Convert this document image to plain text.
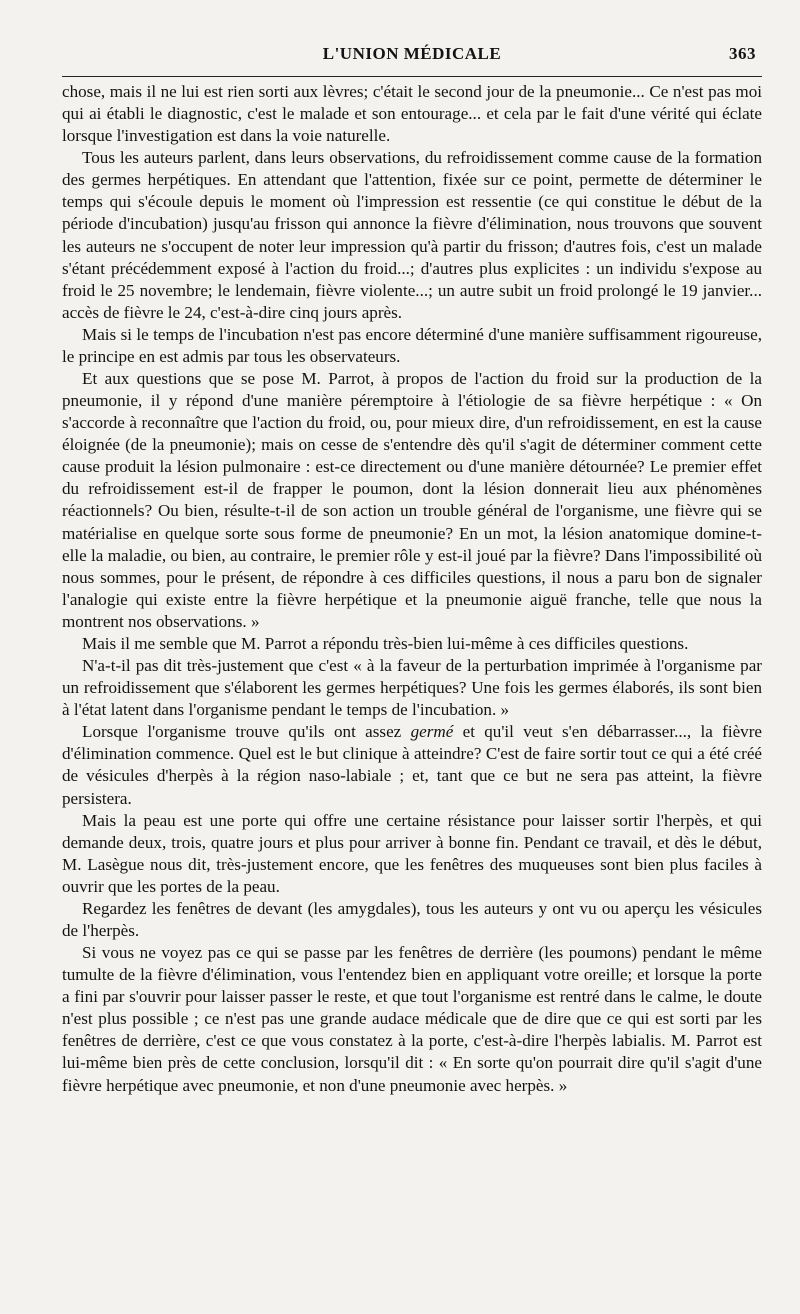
L'UNION MÉDICALE	363

chose, mais il ne lui est rien sorti aux lèvres; c'était le second jour de la pneumonie... Ce n'est pas moi qui ai établi le diagnostic, c'est le malade et son entourage... et cela par le fait d'une vérité qui éclate lorsque l'investigation est dans la voie naturelle.

Tous les auteurs parlent, dans leurs observations, du refroidissement comme cause de la formation des germes herpétiques. En attendant que l'attention, fixée sur ce point, permette de déterminer le temps qui s'écoule depuis le moment où l'impression est ressentie (ce qui constitue le début de la période d'incubation) jusqu'au frisson qui annonce la fièvre d'élimination, nous trouvons que souvent les auteurs ne s'occupent de noter leur impression qu'à partir du frisson; d'autres fois, c'est un malade s'étant précédemment exposé à l'action du froid...; d'autres plus explicites : un individu s'expose au froid le 25 novembre; le lendemain, fièvre violente...; un autre subit un froid prolongé le 19 janvier... accès de fièvre le 24, c'est-à-dire cinq jours après.

Mais si le temps de l'incubation n'est pas encore déterminé d'une manière suffisamment rigoureuse, le principe en est admis par tous les observateurs.

Et aux questions que se pose M. Parrot, à propos de l'action du froid sur la production de la pneumonie, il y répond d'une manière péremptoire à l'étiologie de sa fièvre herpétique : « On s'accorde à reconnaître que l'action du froid, ou, pour mieux dire, d'un refroidissement, en est la cause éloignée (de la pneumonie); mais on cesse de s'entendre dès qu'il s'agit de déterminer comment cette cause produit la lésion pulmonaire : est-ce directement ou d'une manière détournée? Le premier effet du refroidissement est-il de frapper le poumon, dont la lésion donnerait lieu aux phénomènes réactionnels? Ou bien, résulte-t-il de son action un trouble général de l'organisme, une fièvre qui se matérialise en quelque sorte sous forme de pneumonie? En un mot, la lésion anatomique domine-t-elle la maladie, ou bien, au contraire, le premier rôle y est-il joué par la fièvre? Dans l'impossibilité où nous sommes, pour le présent, de répondre à ces difficiles questions, il nous a paru bon de signaler l'analogie qui existe entre la fièvre herpétique et la pneumonie aiguë franche, telle que nous la montrent nos observations. »

Mais il me semble que M. Parrot a répondu très-bien lui-même à ces difficiles questions.

N'a-t-il pas dit très-justement que c'est « à la faveur de la perturbation imprimée à l'organisme par un refroidissement que s'élaborent les germes herpétiques? Une fois les germes élaborés, ils sont bien à l'état latent dans l'organisme pendant le temps de l'incubation. »

Lorsque l'organisme trouve qu'ils ont assez germé et qu'il veut s'en débarrasser..., la fièvre d'élimination commence. Quel est le but clinique à atteindre? C'est de faire sortir tout ce qui a été créé de vésicules d'herpès à la région naso-labiale ; et, tant que ce but ne sera pas atteint, la fièvre persistera.

Mais la peau est une porte qui offre une certaine résistance pour laisser sortir l'herpès, et qui demande deux, trois, quatre jours et plus pour arriver à bonne fin. Pendant ce travail, et dès le début, M. Lasègue nous dit, très-justement encore, que les fenêtres des muqueuses sont bien plus faciles à ouvrir que les portes de la peau.

Regardez les fenêtres de devant (les amygdales), tous les auteurs y ont vu ou aperçu les vésicules de l'herpès.

Si vous ne voyez pas ce qui se passe par les fenêtres de derrière (les poumons) pendant le même tumulte de la fièvre d'élimination, vous l'entendez bien en appliquant votre oreille; et lorsque la porte a fini par s'ouvrir pour laisser passer le reste, et que tout l'organisme est rentré dans le calme, le doute n'est plus possible ; ce n'est pas une grande audace médicale que de dire que ce qui est sorti par les fenêtres de derrière, c'est ce que vous constatez à la porte, c'est-à-dire l'herpès labialis. M. Parrot est lui-même bien près de cette conclusion, lorsqu'il dit : « En sorte qu'on pourrait dire qu'il s'agit d'une fièvre herpétique avec pneumonie, et non d'une pneumonie avec herpès. »
